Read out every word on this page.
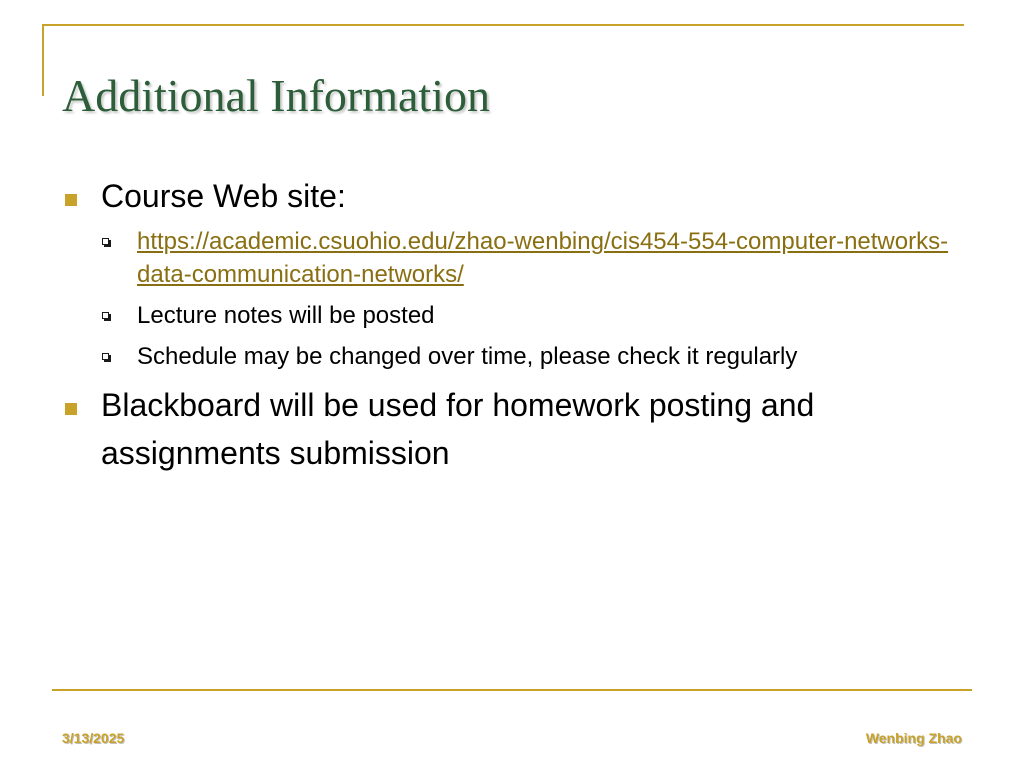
Additional Information
Course Web site:
https://academic.csuohio.edu/zhao-wenbing/cis454-554-computer-networks-data-communication-networks/
Lecture notes will be posted
Schedule may be changed over time, please check it regularly
Blackboard will be used for homework posting and assignments submission
3/13/2025	Wenbing Zhao
